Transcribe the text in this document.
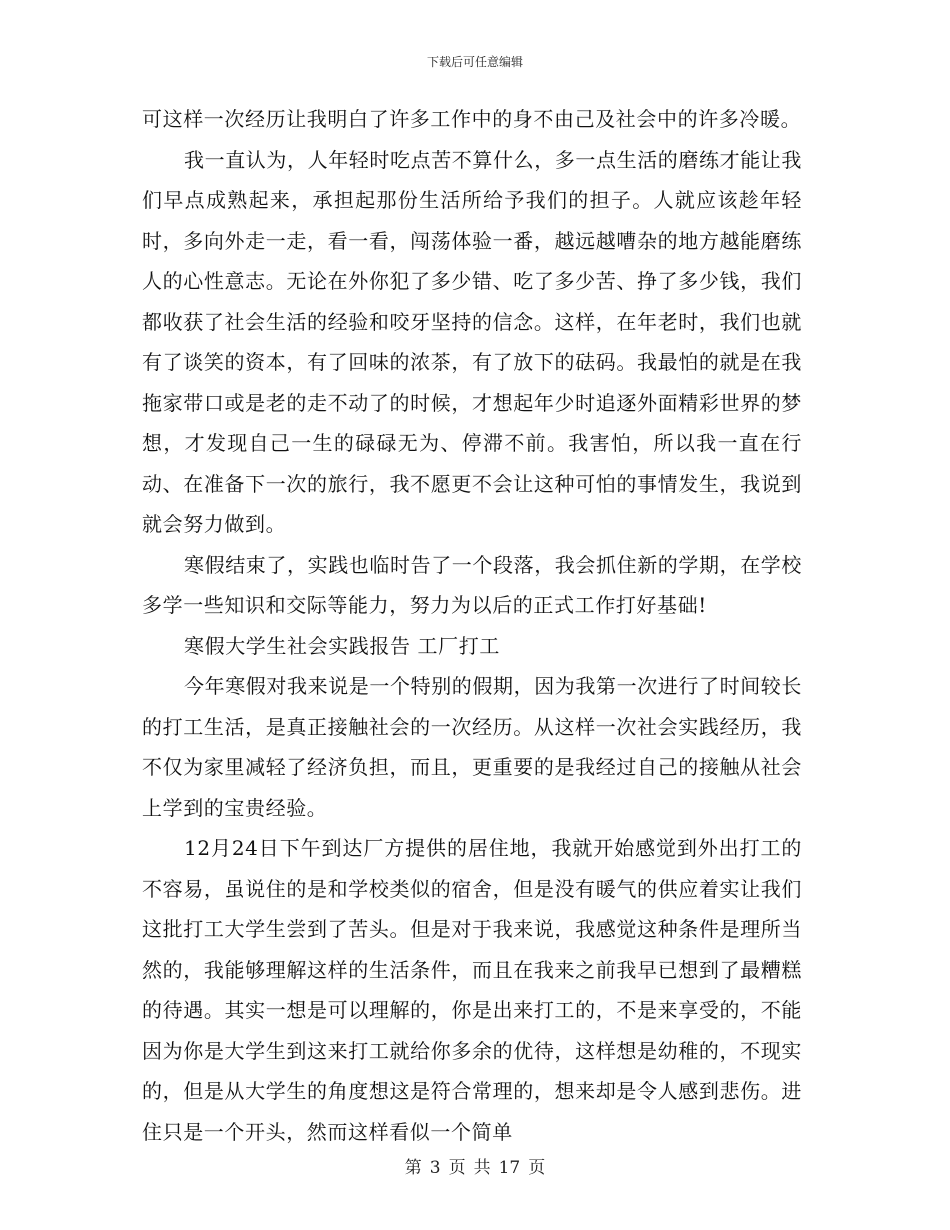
下载后可任意编辑

可这样一次经历让我明白了许多工作中的身不由己及社会中的许多冷暖。

我一直认为，人年轻时吃点苦不算什么，多一点生活的磨练才能让我们早点成熟起来，承担起那份生活所给予我们的担子。人就应该趁年轻时，多向外走一走，看一看，闯荡体验一番，越远越嘈杂的地方越能磨练人的心性意志。无论在外你犯了多少错、吃了多少苦、挣了多少钱，我们都收获了社会生活的经验和咬牙坚持的信念。这样，在年老时，我们也就有了谈笑的资本，有了回味的浓茶，有了放下的砝码。我最怕的就是在我拖家带口或是老的走不动了的时候，才想起年少时追逐外面精彩世界的梦想，才发现自己一生的碌碌无为、停滞不前。我害怕，所以我一直在行动、在准备下一次的旅行，我不愿更不会让这种可怕的事情发生，我说到就会努力做到。

寒假结束了，实践也临时告了一个段落，我会抓住新的学期，在学校多学一些知识和交际等能力，努力为以后的正式工作打好基础!

寒假大学生社会实践报告 工厂打工

今年寒假对我来说是一个特别的假期，因为我第一次进行了时间较长的打工生活，是真正接触社会的一次经历。从这样一次社会实践经历，我不仅为家里减轻了经济负担，而且，更重要的是我经过自己的接触从社会上学到的宝贵经验。

12月24日下午到达厂方提供的居住地，我就开始感觉到外出打工的不容易，虽说住的是和学校类似的宿舍，但是没有暖气的供应着实让我们这批打工大学生尝到了苦头。但是对于我来说，我感觉这种条件是理所当然的，我能够理解这样的生活条件，而且在我来之前我早已想到了最糟糕的待遇。其实一想是可以理解的，你是出来打工的，不是来享受的，不能因为你是大学生到这来打工就给你多余的优待，这样想是幼稚的，不现实的，但是从大学生的角度想这是符合常理的，想来却是令人感到悲伤。进住只是一个开头，然而这样看似一个简单

第 3 页 共 17 页
